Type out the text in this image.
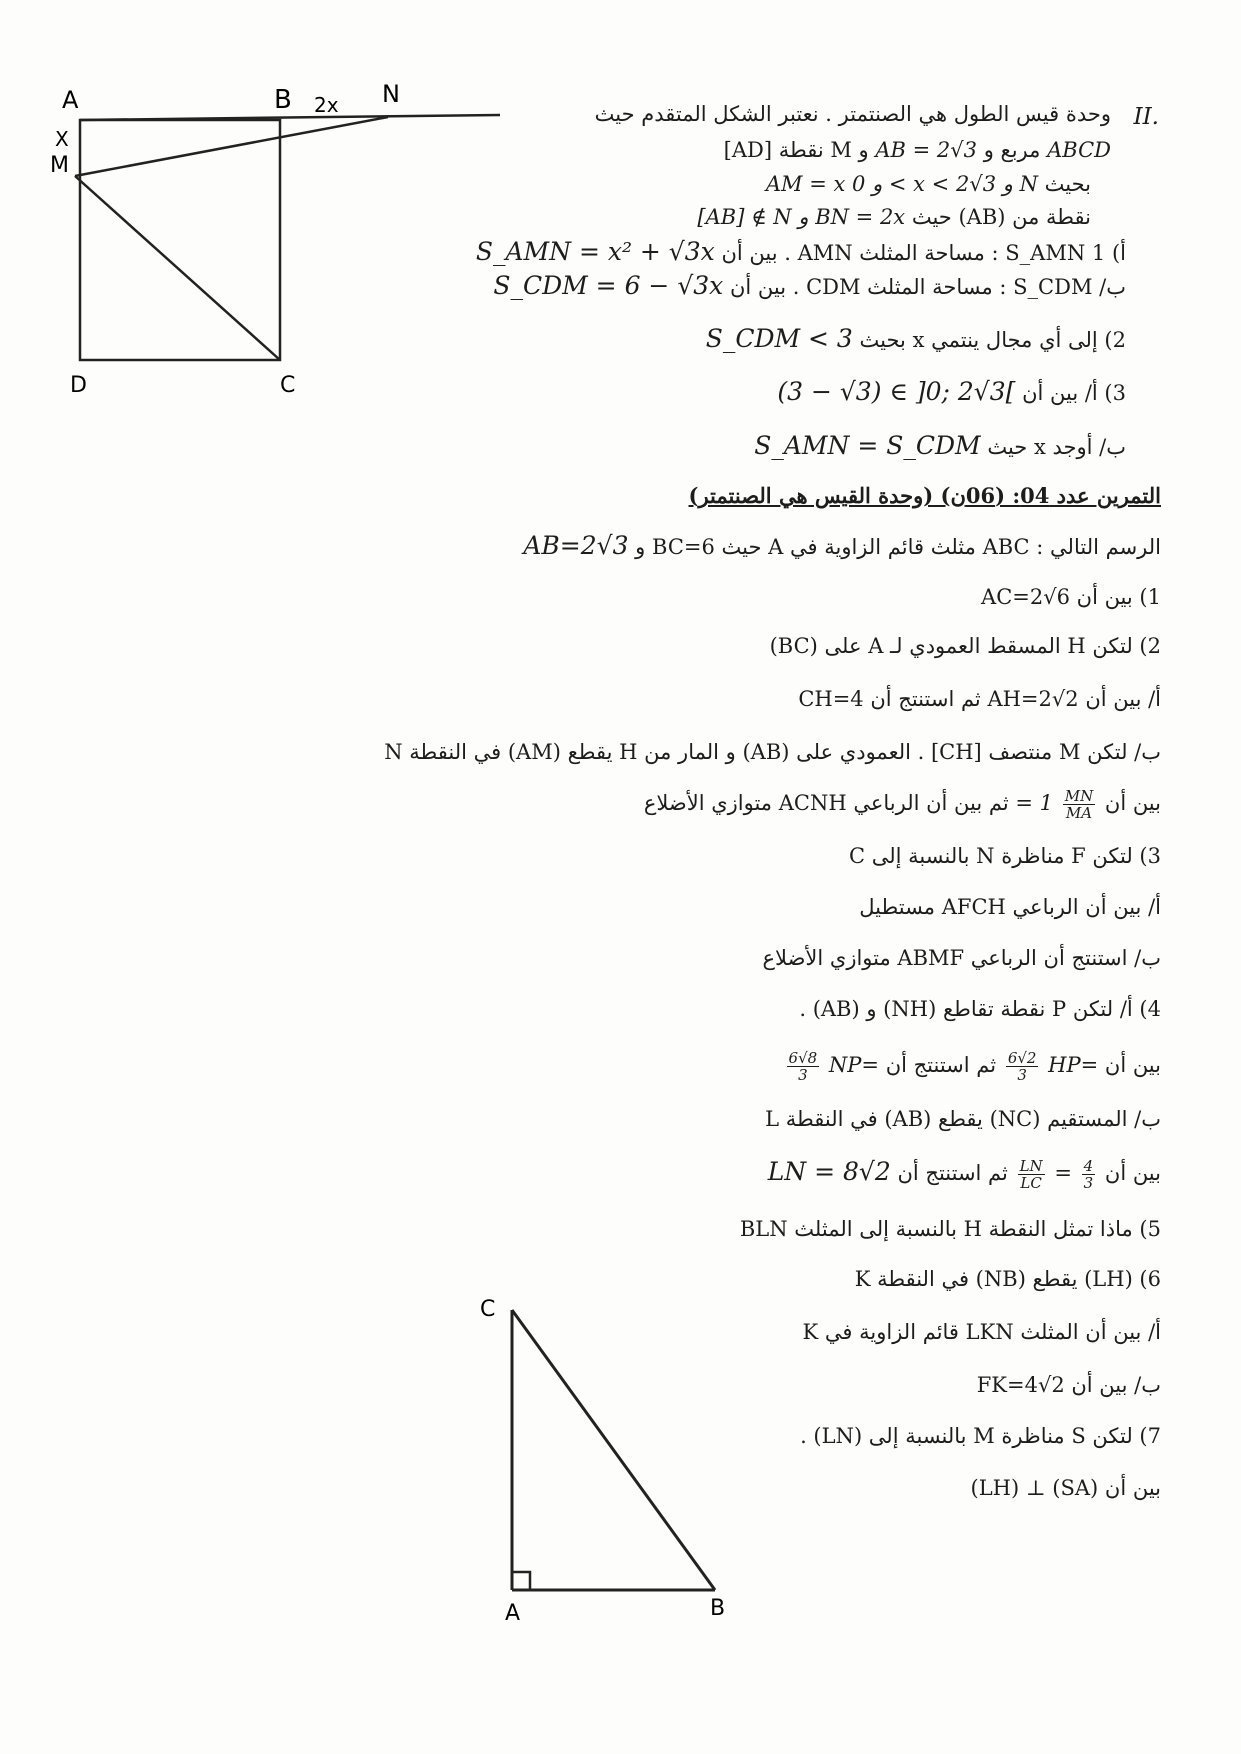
A	B 2x N
X
M
D	C
II.
وحدة قيس الطول هي الصنتمتر . نعتبر الشكل المتقدم حيث
ABCD مربع و AB = 2√3 و M نقطة [AD]
بحيث AM = x و 0 < x < 2√3 و N
نقطة من (AB) حيث [AB] ∉ N و BN = 2x
أ) 1 S_AMN : مساحة المثلث AMN . بين أن S_AMN = x² + √3x
ب/ S_CDM : مساحة المثلث CDM . بين أن S_CDM = 6 − √3x
2) إلى أي مجال ينتمي x بحيث S_CDM < 3
3) أ/ بين أن (3 − √3) ∈ ]0; 2√3[
ب/ أوجد x حيث S_AMN = S_CDM
التمرين عدد 04: (06ن) (وحدة القيس هي الصنتمتر)
الرسم التالي : ABC مثلث قائم الزاوية في A حيث BC=6 و AB=2√3
1) بين أن AC=2√6
2) لتكن H المسقط العمودي لـ A على (BC)
أ/ بين أن AH=2√2 ثم استنتج أن CH=4
ب/ لتكن M منتصف [CH] . العمودي على (AB) و المار من H يقطع (AM) في النقطة N
بين أن
$\frac{MN}{MA}$
= 1 ثم بين أن الرباعي ACNH متوازي الأضلاع
3) لتكن F مناظرة N بالنسبة إلى C
أ/ بين أن الرباعي AFCH مستطيل
ب/ استنتج أن الرباعي ABMF متوازي الأضلاع
4) أ/ لتكن P نقطة تقاطع (NH) و (AB) .
بين أن HP=
$\frac{2√6}{3}$
ثم استنتج أن NP=
$\frac{8√6}{3}$
ب/ المستقيم (NC) يقطع (AB) في النقطة L
بين أن
$\frac{4}{3}$
=
$\frac{LN}{LC}$
ثم استنتج أن LN = 8√2
5) ماذا تمثل النقطة H بالنسبة إلى المثلث BLN
6) (LH) يقطع (NB) في النقطة K
أ/ بين أن المثلث LKN قائم الزاوية في K
ب/ بين أن FK=4√2
7) لتكن S مناظرة M بالنسبة إلى (LN) .
بين أن (SA) ⊥ (LH)
C
A	B
